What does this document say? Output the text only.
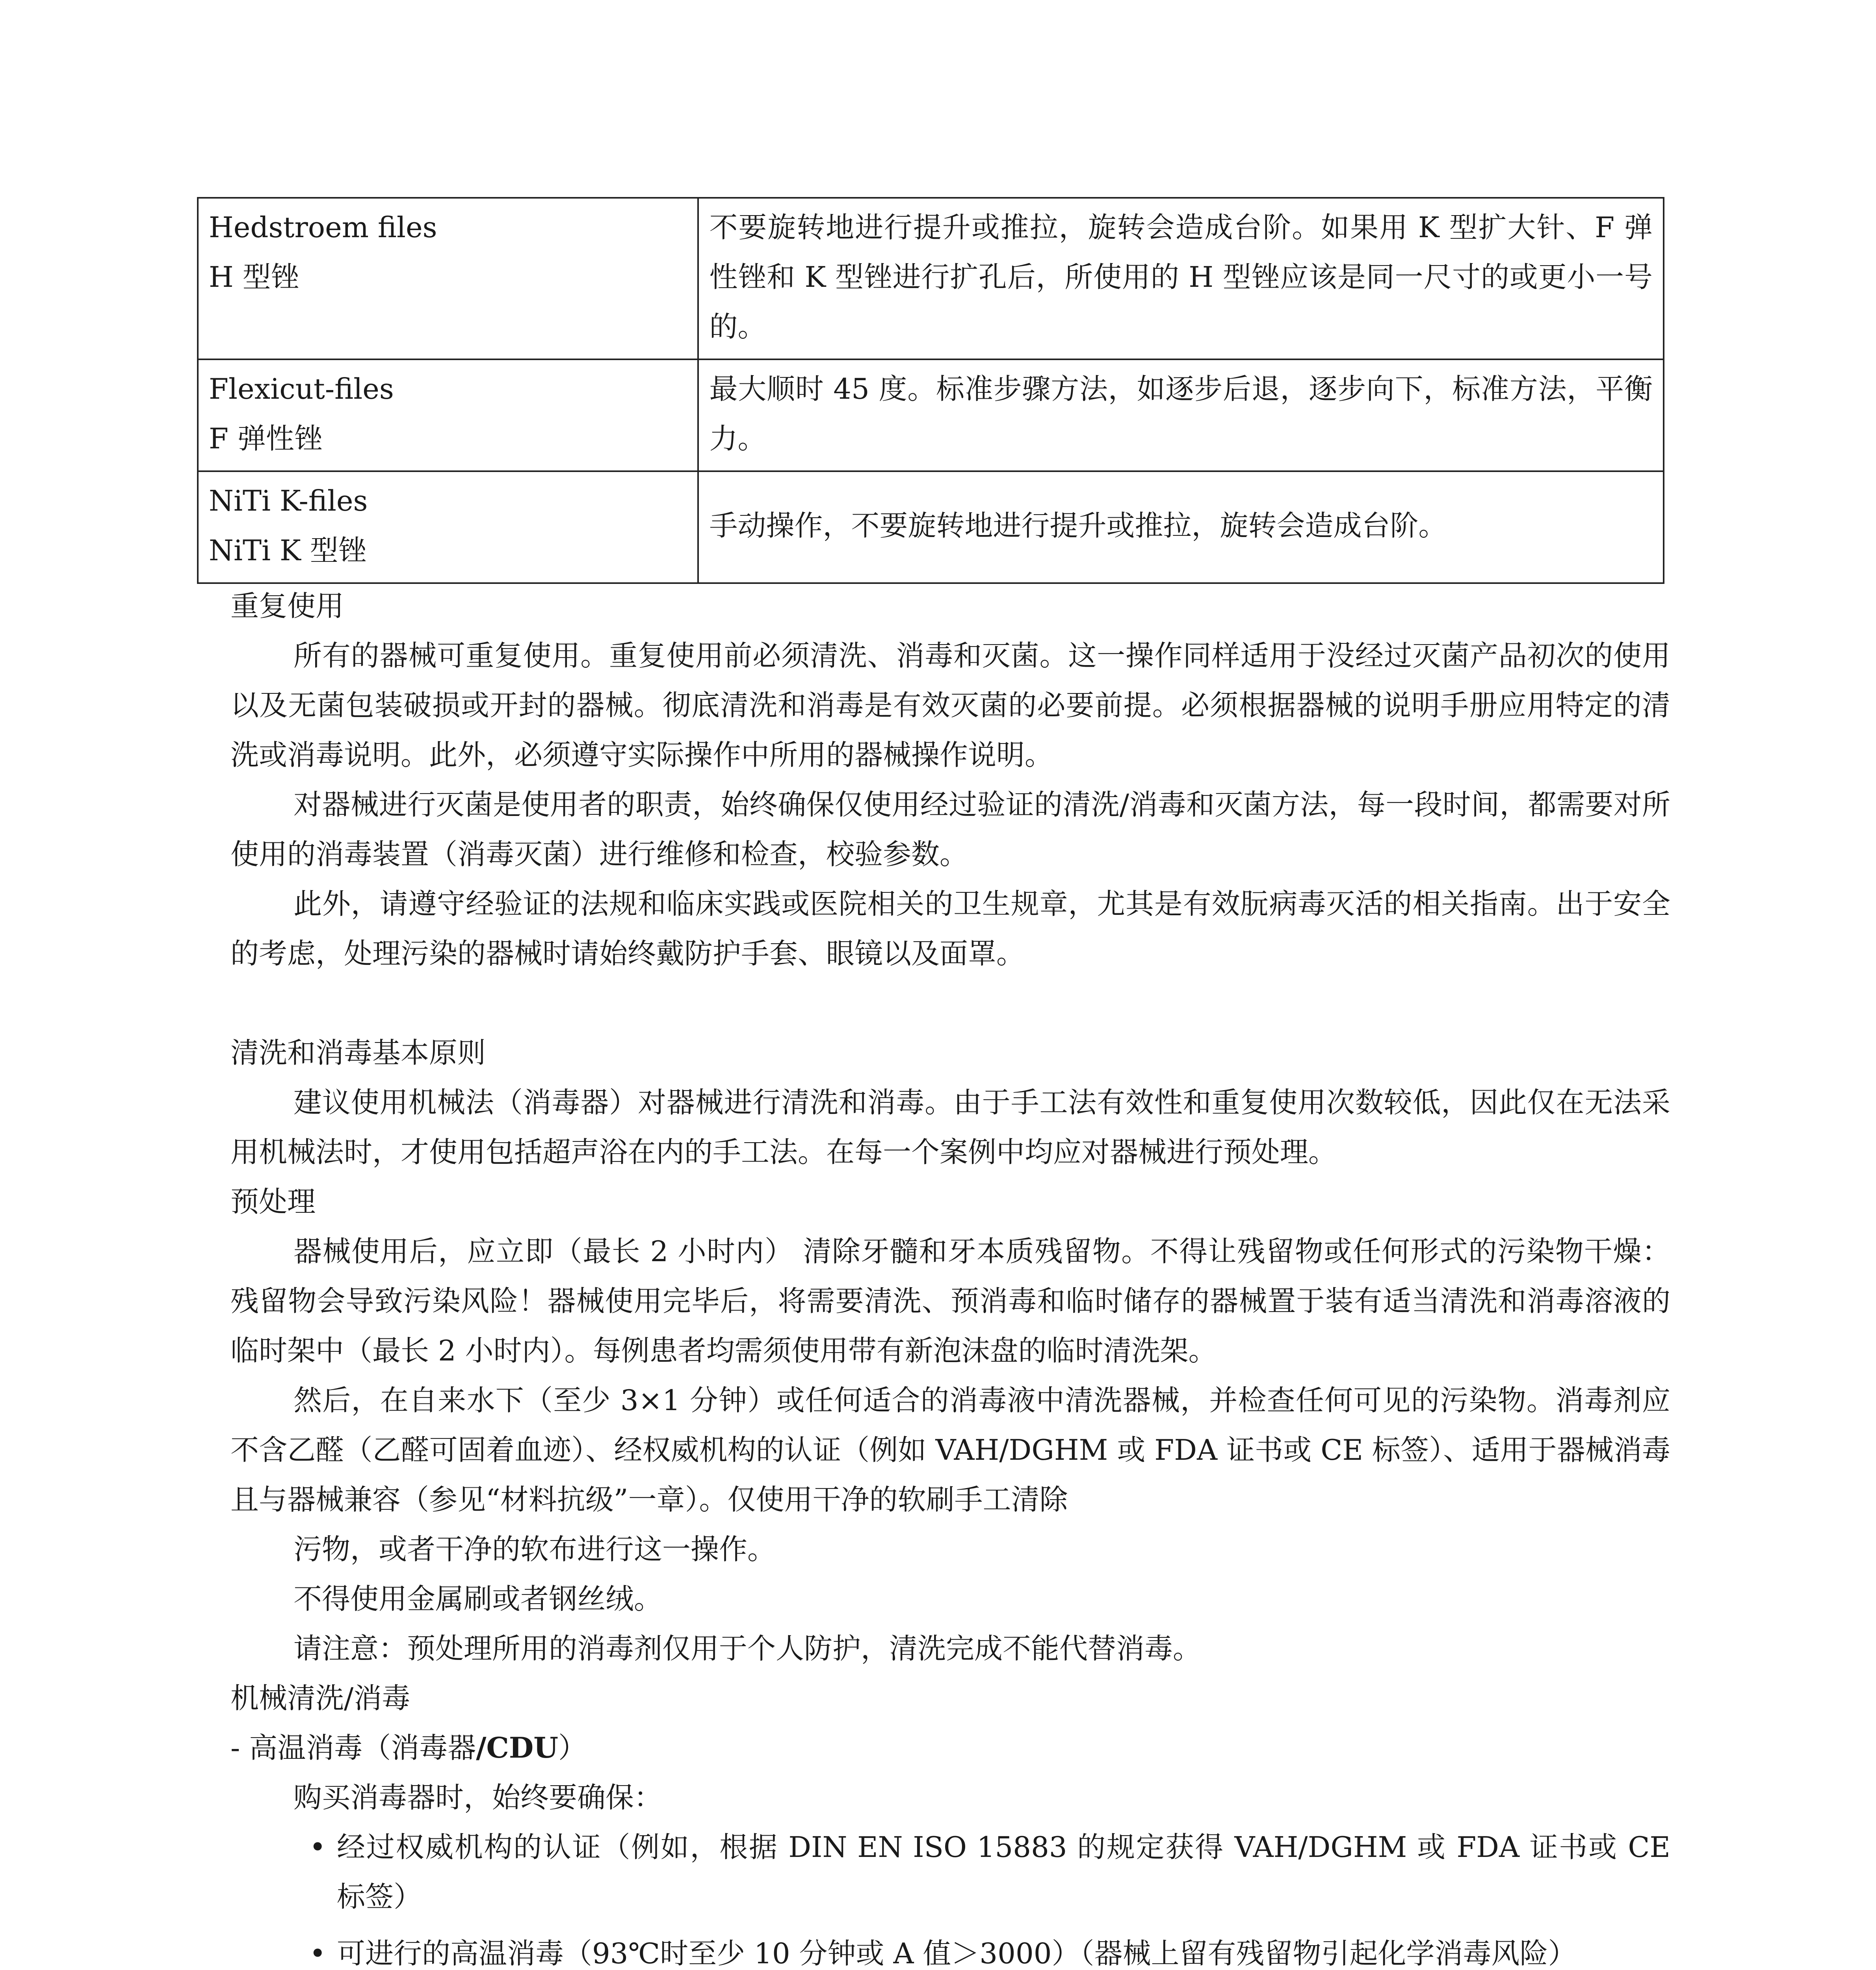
Hedstroem files
H 型锉	不要旋转地进行提升或推拉，旋转会造成台阶。如果用 K 型扩大针、F 弹性锉和 K 型锉进行扩孔后，所使用的 H 型锉应该是同一尺寸的或更小一号的。

Flexicut-files
F 弹性锉	最大顺时 45 度。标准步骤方法，如逐步后退，逐步向下，标准方法，平衡力。

NiTi K-files
NiTi K 型锉	手动操作，不要旋转地进行提升或推拉，旋转会造成台阶。

重复使用

所有的器械可重复使用。重复使用前必须清洗、消毒和灭菌。这一操作同样适用于没经过灭菌产品初次的使用以及无菌包装破损或开封的器械。彻底清洗和消毒是有效灭菌的必要前提。必须根据器械的说明手册应用特定的清洗或消毒说明。此外，必须遵守实际操作中所用的器械操作说明。

对器械进行灭菌是使用者的职责，始终确保仅使用经过验证的清洗/消毒和灭菌方法，每一段时间，都需要对所使用的消毒装置（消毒灭菌）进行维修和检查，校验参数。

此外，请遵守经验证的法规和临床实践或医院相关的卫生规章，尤其是有效朊病毒灭活的相关指南。出于安全的考虑，处理污染的器械时请始终戴防护手套、眼镜以及面罩。

清洗和消毒基本原则

建议使用机械法（消毒器）对器械进行清洗和消毒。由于手工法有效性和重复使用次数较低，因此仅在无法采用机械法时，才使用包括超声浴在内的手工法。在每一个案例中均应对器械进行预处理。

预处理

器械使用后，应立即（最长 2 小时内） 清除牙髓和牙本质残留物。不得让残留物或任何形式的污染物干燥：残留物会导致污染风险！器械使用完毕后，将需要清洗、预消毒和临时储存的器械置于装有适当清洗和消毒溶液的临时架中（最长 2 小时内）。每例患者均需须使用带有新泡沫盘的临时清洗架。

然后，在自来水下（至少 3×1 分钟）或任何适合的消毒液中清洗器械，并检查任何可见的污染物。消毒剂应不含乙醛（乙醛可固着血迹）、经权威机构的认证（例如 VAH/DGHM 或 FDA 证书或 CE 标签）、适用于器械消毒且与器械兼容（参见“材料抗级”一章）。仅使用干净的软刷手工清除

污物，或者干净的软布进行这一操作。

不得使用金属刷或者钢丝绒。

请注意：预处理所用的消毒剂仅用于个人防护，清洗完成不能代替消毒。

机械清洗/消毒

- 高温消毒（消毒器/CDU）

购买消毒器时，始终要确保：

• 经过权威机构的认证（例如，根据 DIN EN ISO 15883 的规定获得 VAH/DGHM 或 FDA 证书或 CE 标签）
• 可进行的高温消毒（93℃时至少 10 分钟或 A 值＞3000）（器械上留有残留物引起化学消毒风险）
